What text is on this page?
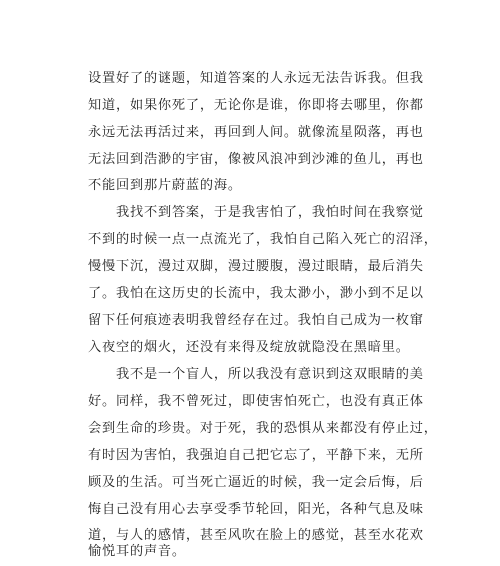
设置好了的谜题，知道答案的人永远无法告诉我。但我
知道，如果你死了，无论你是谁，你即将去哪里，你都
永远无法再活过来，再回到人间。就像流星陨落，再也
无法回到浩渺的宇宙，像被风浪冲到沙滩的鱼儿，再也
不能回到那片蔚蓝的海。
我找不到答案，于是我害怕了，我怕时间在我察觉
不到的时候一点一点流光了，我怕自己陷入死亡的沼泽，
慢慢下沉，漫过双脚，漫过腰腹，漫过眼睛，最后消失
了。我怕在这历史的长流中，我太渺小，渺小到不足以
留下任何痕迹表明我曾经存在过。我怕自己成为一枚窜
入夜空的烟火，还没有来得及绽放就隐没在黑暗里。
我不是一个盲人，所以我没有意识到这双眼睛的美
好。同样，我不曾死过，即使害怕死亡，也没有真正体
会到生命的珍贵。对于死，我的恐惧从来都没有停止过，
有时因为害怕，我强迫自己把它忘了，平静下来，无所
顾及的生活。可当死亡逼近的时候，我一定会后悔，后
悔自己没有用心去享受季节轮回，阳光，各种气息及味
道，与人的感情，甚至风吹在脸上的感觉，甚至水花欢
愉悦耳的声音。
